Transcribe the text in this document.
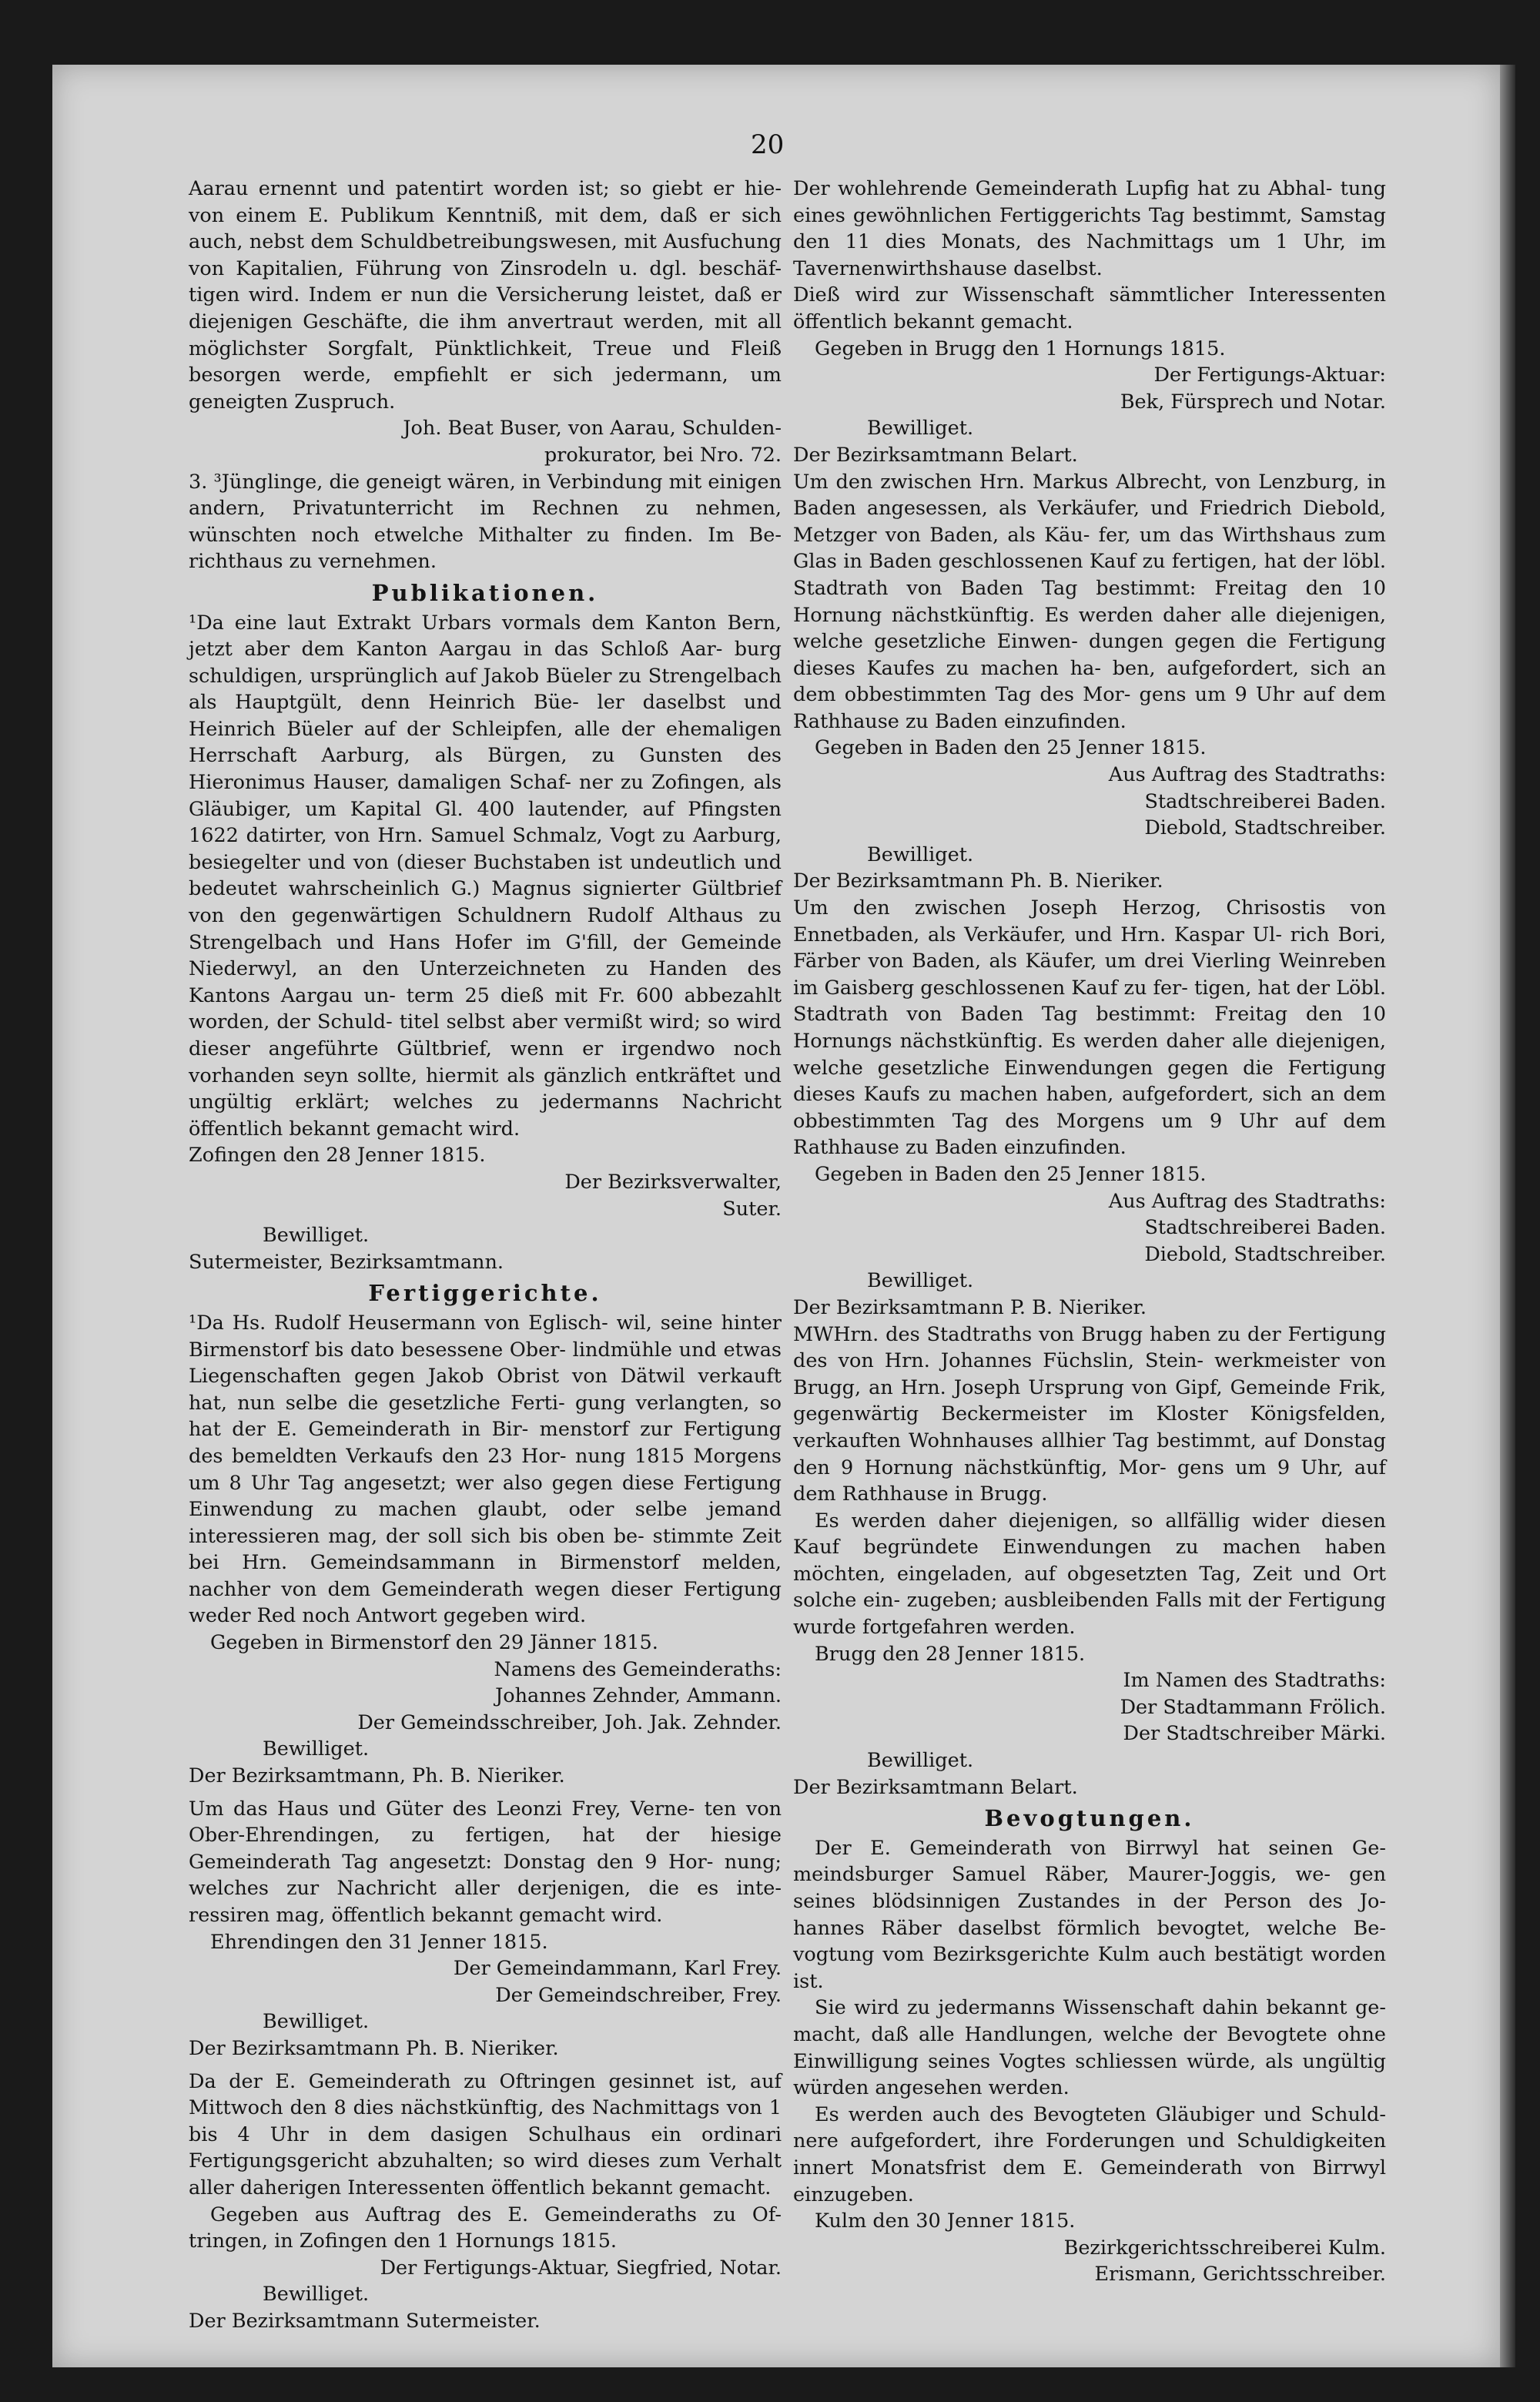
20

Aarau ernennt und patentirt worden ist; so giebt er hie- von einem E. Publikum Kenntniß, mit dem, daß er sich auch, nebst dem Schuldbetreibungswesen, mit Ausfuchung von Kapitalien, Führung von Zinsrodeln u. dgl. beschäf- tigen wird. Indem er nun die Versicherung leistet, daß er diejenigen Geschäfte, die ihm anvertraut werden, mit all möglichster Sorgfalt, Pünktlichkeit, Treue und Fleiß besorgen werde, empfiehlt er sich jedermann, um geneigten Zuspruch.

Joh. Beat Buser, von Aarau, Schulden-

prokurator, bei Nro. 72.

3. ³Jünglinge, die geneigt wären, in Verbindung mit einigen andern, Privatunterricht im Rechnen zu nehmen, wünschten noch etwelche Mithalter zu finden. Im Be- richthaus zu vernehmen.

Publikationen.

¹Da eine laut Extrakt Urbars vormals dem Kanton Bern, jetzt aber dem Kanton Aargau in das Schloß Aar- burg schuldigen, ursprünglich auf Jakob Büeler zu Strengelbach als Hauptgült, denn Heinrich Büe- ler daselbst und Heinrich Büeler auf der Schleipfen, alle der ehemaligen Herrschaft Aarburg, als Bürgen, zu Gunsten des Hieronimus Hauser, damaligen Schaf- ner zu Zofingen, als Gläubiger, um Kapital Gl. 400 lautender, auf Pfingsten 1622 datirter, von Hrn. Samuel Schmalz, Vogt zu Aarburg, besiegelter und von (dieser Buchstaben ist undeutlich und bedeutet wahrscheinlich G.) Magnus signierter Gültbrief von den gegenwärtigen Schuldnern Rudolf Althaus zu Strengelbach und Hans Hofer im G'fill, der Gemeinde Niederwyl, an den Unterzeichneten zu Handen des Kantons Aargau un- term 25 dieß mit Fr. 600 abbezahlt worden, der Schuld- titel selbst aber vermißt wird; so wird dieser angeführte Gültbrief, wenn er irgendwo noch vorhanden seyn sollte, hiermit als gänzlich entkräftet und ungültig erklärt; welches zu jedermanns Nachricht öffentlich bekannt gemacht wird.

Zofingen den 28 Jenner 1815.

Der Bezirksverwalter,

Suter.

Bewilliget.

Sutermeister, Bezirksamtmann.

Fertiggerichte.

¹Da Hs. Rudolf Heusermann von Eglisch- wil, seine hinter Birmenstorf bis dato besessene Ober- lindmühle und etwas Liegenschaften gegen Jakob Obrist von Dätwil verkauft hat, nun selbe die gesetzliche Ferti- gung verlangten, so hat der E. Gemeinderath in Bir- menstorf zur Fertigung des bemeldten Verkaufs den 23 Hor- nung 1815 Morgens um 8 Uhr Tag angesetzt; wer also gegen diese Fertigung Einwendung zu machen glaubt, oder selbe jemand interessieren mag, der soll sich bis oben be- stimmte Zeit bei Hrn. Gemeindsammann in Birmenstorf melden, nachher von dem Gemeinderath wegen dieser Fertigung weder Red noch Antwort gegeben wird.

Gegeben in Birmenstorf den 29 Jänner 1815.

Namens des Gemeinderaths:

Johannes Zehnder, Ammann.

Der Gemeindsschreiber, Joh. Jak. Zehnder.

Bewilliget.

Der Bezirksamtmann, Ph. B. Nieriker.

Um das Haus und Güter des Leonzi Frey, Verne- ten von Ober-Ehrendingen, zu fertigen, hat der hiesige Gemeinderath Tag angesetzt: Donstag den 9 Hor- nung; welches zur Nachricht aller derjenigen, die es inte- ressiren mag, öffentlich bekannt gemacht wird.

Ehrendingen den 31 Jenner 1815.

Der Gemeindammann, Karl Frey.

Der Gemeindschreiber, Frey.

Bewilliget.

Der Bezirksamtmann Ph. B. Nieriker.

Da der E. Gemeinderath zu Oftringen gesinnet ist, auf Mittwoch den 8 dies nächstkünftig, des Nachmittags von 1 bis 4 Uhr in dem dasigen Schulhaus ein ordinari Fertigungsgericht abzuhalten; so wird dieses zum Verhalt aller daherigen Interessenten öffentlich bekannt gemacht.

Gegeben aus Auftrag des E. Gemeinderaths zu Of- tringen, in Zofingen den 1 Hornungs 1815.

Der Fertigungs-Aktuar, Siegfried, Notar.

Bewilliget.

Der Bezirksamtmann Sutermeister.

Der wohlehrende Gemeinderath Lupfig hat zu Abhal- tung eines gewöhnlichen Fertiggerichts Tag bestimmt, Samstag den 11 dies Monats, des Nachmittags um 1 Uhr, im Tavernenwirthshause daselbst.

Dieß wird zur Wissenschaft sämmtlicher Interessenten öffentlich bekannt gemacht.

Gegeben in Brugg den 1 Hornungs 1815.

Der Fertigungs-Aktuar:

Bek, Fürsprech und Notar.

Bewilliget.

Der Bezirksamtmann Belart.

Um den zwischen Hrn. Markus Albrecht, von Lenzburg, in Baden angesessen, als Verkäufer, und Friedrich Diebold, Metzger von Baden, als Käu- fer, um das Wirthshaus zum Glas in Baden geschlossenen Kauf zu fertigen, hat der löbl. Stadtrath von Baden Tag bestimmt: Freitag den 10 Hornung nächstkünftig. Es werden daher alle diejenigen, welche gesetzliche Einwen- dungen gegen die Fertigung dieses Kaufes zu machen ha- ben, aufgefordert, sich an dem obbestimmten Tag des Mor- gens um 9 Uhr auf dem Rathhause zu Baden einzufinden.

Gegeben in Baden den 25 Jenner 1815.

Aus Auftrag des Stadtraths:

Stadtschreiberei Baden.

Diebold, Stadtschreiber.

Bewilliget.

Der Bezirksamtmann Ph. B. Nieriker.

Um den zwischen Joseph Herzog, Chrisostis von Ennetbaden, als Verkäufer, und Hrn. Kaspar Ul- rich Bori, Färber von Baden, als Käufer, um drei Vierling Weinreben im Gaisberg geschlossenen Kauf zu fer- tigen, hat der Löbl. Stadtrath von Baden Tag bestimmt: Freitag den 10 Hornungs nächstkünftig. Es werden daher alle diejenigen, welche gesetzliche Einwendungen gegen die Fertigung dieses Kaufs zu machen haben, aufgefordert, sich an dem obbestimmten Tag des Morgens um 9 Uhr auf dem Rathhause zu Baden einzufinden.

Gegeben in Baden den 25 Jenner 1815.

Aus Auftrag des Stadtraths:

Stadtschreiberei Baden.

Diebold, Stadtschreiber.

Bewilliget.

Der Bezirksamtmann P. B. Nieriker.

MWHrn. des Stadtraths von Brugg haben zu der Fertigung des von Hrn. Johannes Füchslin, Stein- werkmeister von Brugg, an Hrn. Joseph Ursprung von Gipf, Gemeinde Frik, gegenwärtig Beckermeister im Kloster Königsfelden, verkauften Wohnhauses allhier Tag bestimmt, auf Donstag den 9 Hornung nächstkünftig, Mor- gens um 9 Uhr, auf dem Rathhause in Brugg.

Es werden daher diejenigen, so allfällig wider diesen Kauf begründete Einwendungen zu machen haben möchten, eingeladen, auf obgesetzten Tag, Zeit und Ort solche ein- zugeben; ausbleibenden Falls mit der Fertigung wurde fortgefahren werden.

Brugg den 28 Jenner 1815.

Im Namen des Stadtraths:

Der Stadtammann Frölich.

Der Stadtschreiber Märki.

Bewilliget.

Der Bezirksamtmann Belart.

Bevogtungen.

Der E. Gemeinderath von Birrwyl hat seinen Ge- meindsburger Samuel Räber, Maurer-Joggis, we- gen seines blödsinnigen Zustandes in der Person des Jo- hannes Räber daselbst förmlich bevogtet, welche Be- vogtung vom Bezirksgerichte Kulm auch bestätigt worden ist.

Sie wird zu jedermanns Wissenschaft dahin bekannt ge- macht, daß alle Handlungen, welche der Bevogtete ohne Einwilligung seines Vogtes schliessen würde, als ungültig würden angesehen werden.

Es werden auch des Bevogteten Gläubiger und Schuld- nere aufgefordert, ihre Forderungen und Schuldigkeiten innert Monatsfrist dem E. Gemeinderath von Birrwyl einzugeben.

Kulm den 30 Jenner 1815.

Bezirkgerichtsschreiberei Kulm.

Erismann, Gerichtsschreiber.
